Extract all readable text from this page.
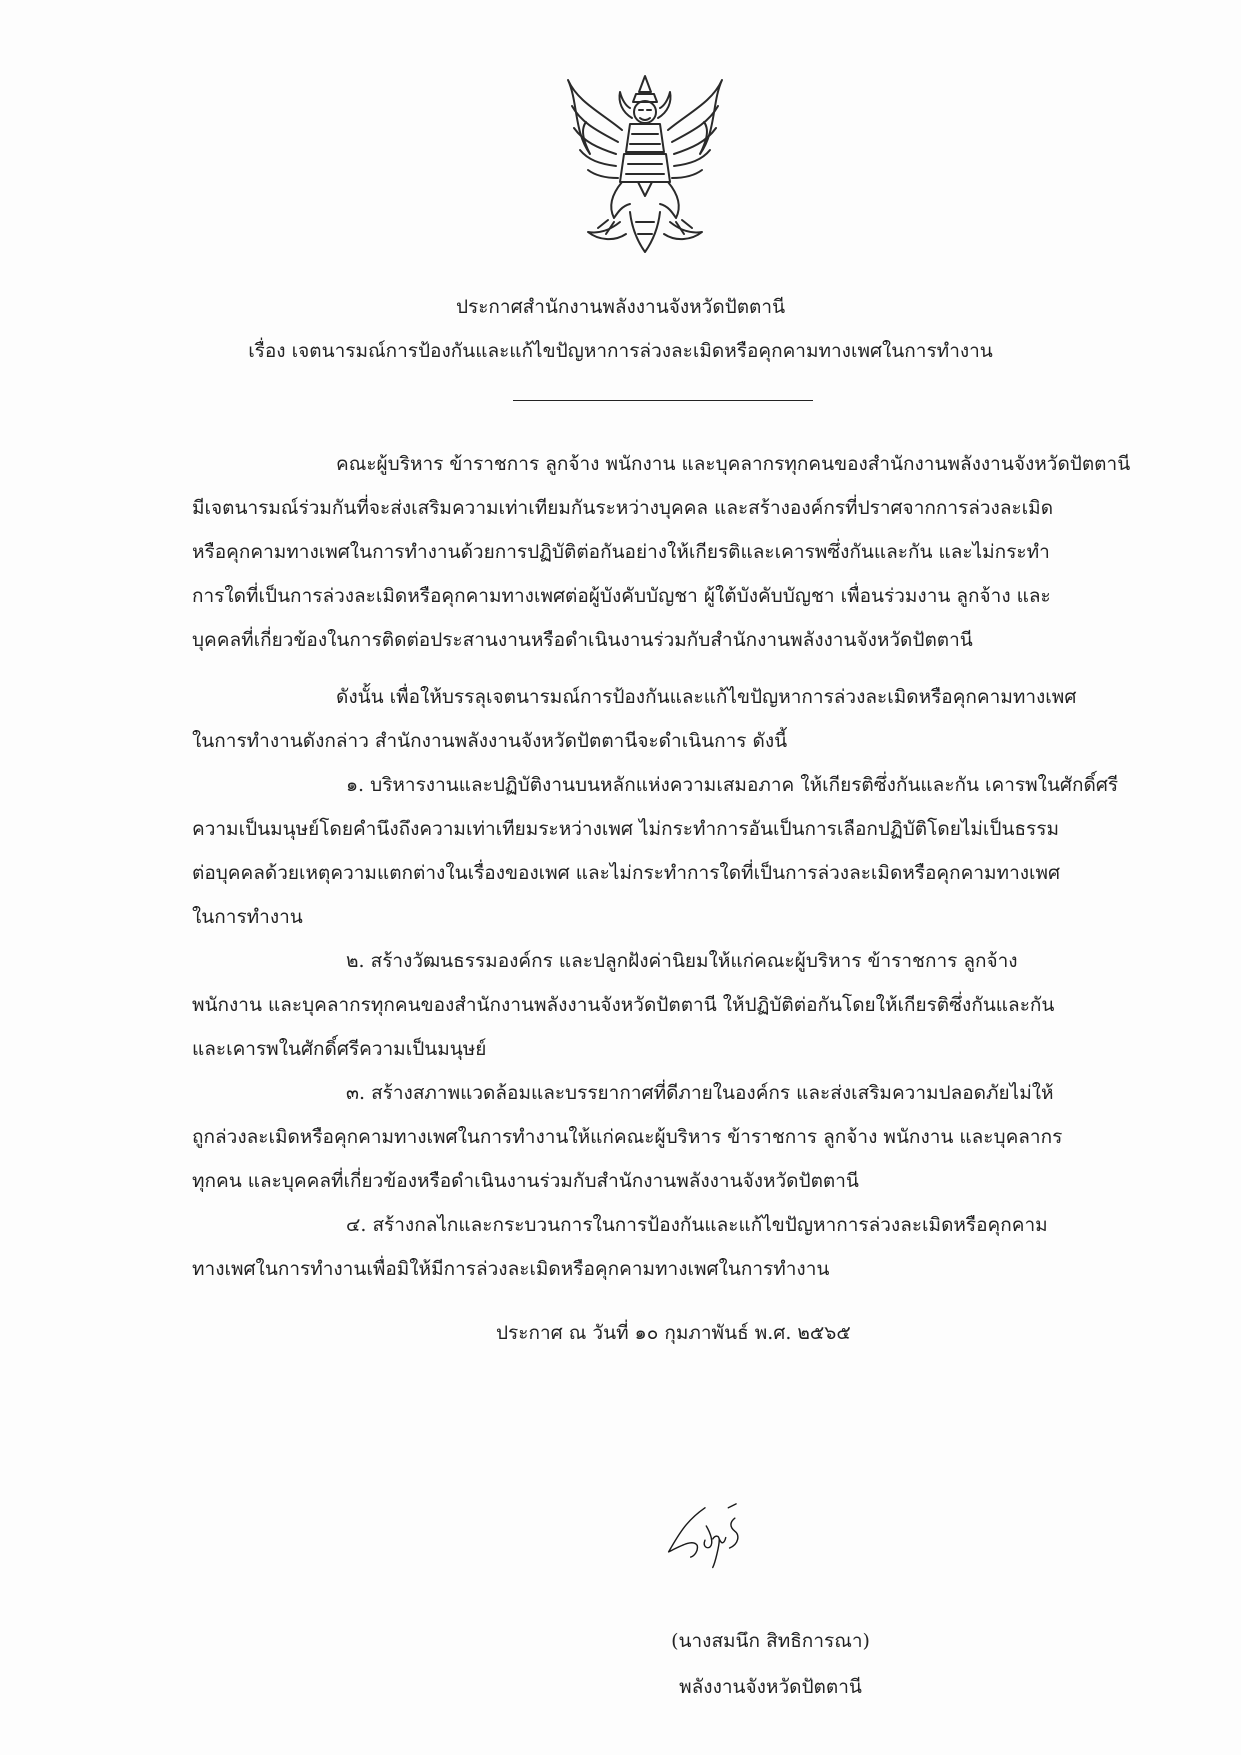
ประกาศสำนักงานพลังงานจังหวัดปัตตานี
เรื่อง เจตนารมณ์การป้องกันและแก้ไขปัญหาการล่วงละเมิดหรือคุกคามทางเพศในการทำงาน
คณะผู้บริหาร ข้าราชการ ลูกจ้าง พนักงาน และบุคลากรทุกคนของสำนักงานพลังงานจังหวัดปัตตานี
มีเจตนารมณ์ร่วมกันที่จะส่งเสริมความเท่าเทียมกันระหว่างบุคคล และสร้างองค์กรที่ปราศจากการล่วงละเมิด
หรือคุกคามทางเพศในการทำงานด้วยการปฏิบัติต่อกันอย่างให้เกียรติและเคารพซึ่งกันและกัน และไม่กระทำ
การใดที่เป็นการล่วงละเมิดหรือคุกคามทางเพศต่อผู้บังคับบัญชา ผู้ใต้บังคับบัญชา เพื่อนร่วมงาน ลูกจ้าง และ
บุคคลที่เกี่ยวข้องในการติดต่อประสานงานหรือดำเนินงานร่วมกับสำนักงานพลังงานจังหวัดปัตตานี
ดังนั้น เพื่อให้บรรลุเจตนารมณ์การป้องกันและแก้ไขปัญหาการล่วงละเมิดหรือคุกคามทางเพศ
ในการทำงานดังกล่าว สำนักงานพลังงานจังหวัดปัตตานีจะดำเนินการ ดังนี้
๑. บริหารงานและปฏิบัติงานบนหลักแห่งความเสมอภาค ให้เกียรติซึ่งกันและกัน เคารพในศักดิ์ศรี
ความเป็นมนุษย์โดยคำนึงถึงความเท่าเทียมระหว่างเพศ ไม่กระทำการอันเป็นการเลือกปฏิบัติโดยไม่เป็นธรรม
ต่อบุคคลด้วยเหตุความแตกต่างในเรื่องของเพศ และไม่กระทำการใดที่เป็นการล่วงละเมิดหรือคุกคามทางเพศ
ในการทำงาน
๒. สร้างวัฒนธรรมองค์กร และปลูกฝังค่านิยมให้แก่คณะผู้บริหาร ข้าราชการ ลูกจ้าง
พนักงาน และบุคลากรทุกคนของสำนักงานพลังงานจังหวัดปัตตานี ให้ปฏิบัติต่อกันโดยให้เกียรติซึ่งกันและกัน
และเคารพในศักดิ์ศรีความเป็นมนุษย์
๓. สร้างสภาพแวดล้อมและบรรยากาศที่ดีภายในองค์กร และส่งเสริมความปลอดภัยไม่ให้
ถูกล่วงละเมิดหรือคุกคามทางเพศในการทำงานให้แก่คณะผู้บริหาร ข้าราชการ ลูกจ้าง พนักงาน และบุคลากร
ทุกคน และบุคคลที่เกี่ยวข้องหรือดำเนินงานร่วมกับสำนักงานพลังงานจังหวัดปัตตานี
๔. สร้างกลไกและกระบวนการในการป้องกันและแก้ไขปัญหาการล่วงละเมิดหรือคุกคาม
ทางเพศในการทำงานเพื่อมิให้มีการล่วงละเมิดหรือคุกคามทางเพศในการทำงาน
ประกาศ ณ วันที่ ๑๐ กุมภาพันธ์ พ.ศ. ๒๕๖๕
(นางสมนึก สิทธิการณา)
พลังงานจังหวัดปัตตานี
